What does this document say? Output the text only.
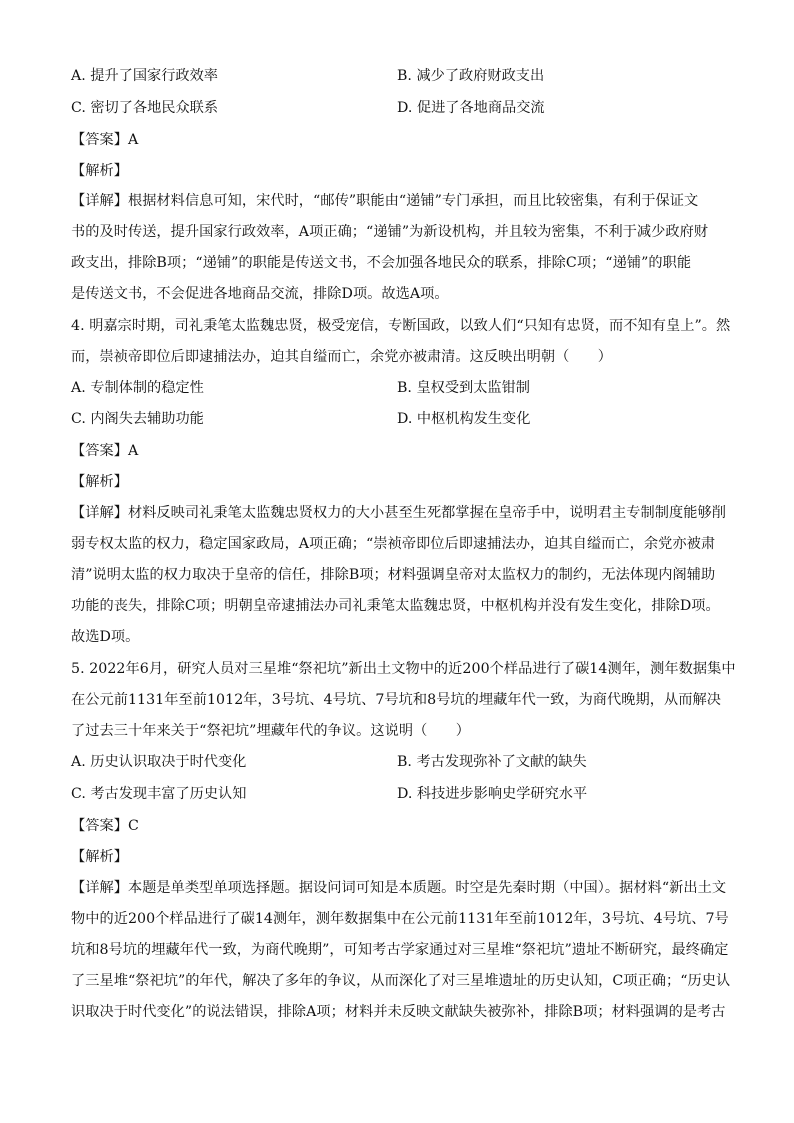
A. 提升了国家行政效率	B. 减少了政府财政支出
C. 密切了各地民众联系	D. 促进了各地商品交流
【答案】A
【解析】
【详解】根据材料信息可知，宋代时，“邮传”职能由“递铺”专门承担，而且比较密集，有利于保证文
书的及时传送，提升国家行政效率，A项正确；“递铺”为新设机构，并且较为密集，不利于减少政府财
政支出，排除B项；“递铺”的职能是传送文书，不会加强各地民众的联系，排除C项；“递铺”的职能
是传送文书，不会促进各地商品交流，排除D项。故选A项。
4. 明嘉宗时期，司礼秉笔太监魏忠贤，极受宠信，专断国政，以致人们“只知有忠贤，而不知有皇上”。然
而，崇祯帝即位后即逮捕法办，迫其自缢而亡，余党亦被肃清。这反映出明朝（　　）
A. 专制体制的稳定性	B. 皇权受到太监钳制
C. 内阁失去辅助功能	D. 中枢机构发生变化
【答案】A
【解析】
【详解】材料反映司礼秉笔太监魏忠贤权力的大小甚至生死都掌握在皇帝手中，说明君主专制制度能够削
弱专权太监的权力，稳定国家政局，A项正确；“崇祯帝即位后即逮捕法办，迫其自缢而亡，余党亦被肃
清”说明太监的权力取决于皇帝的信任，排除B项；材料强调皇帝对太监权力的制约，无法体现内阁辅助
功能的丧失，排除C项；明朝皇帝逮捕法办司礼秉笔太监魏忠贤，中枢机构并没有发生变化，排除D项。
故选D项。
5. 2022年6月，研究人员对三星堆“祭祀坑”新出土文物中的近200个样品进行了碳14测年，测年数据集中
在公元前1131年至前1012年，3号坑、4号坑、7号坑和8号坑的埋藏年代一致，为商代晚期，从而解决
了过去三十年来关于“祭祀坑”埋藏年代的争议。这说明（　　）
A. 历史认识取决于时代变化	B. 考古发现弥补了文献的缺失
C. 考古发现丰富了历史认知	D. 科技进步影响史学研究水平
【答案】C
【解析】
【详解】本题是单类型单项选择题。据设问词可知是本质题。时空是先秦时期（中国）。据材料“新出土文
物中的近200个样品进行了碳14测年，测年数据集中在公元前1131年至前1012年，3号坑、4号坑、7号
坑和8号坑的埋藏年代一致，为商代晚期”，可知考古学家通过对三星堆“祭祀坑”遗址不断研究，最终确定
了三星堆“祭祀坑”的年代，解决了多年的争议，从而深化了对三星堆遗址的历史认知，C项正确；“历史认
识取决于时代变化”的说法错误，排除A项；材料并未反映文献缺失被弥补，排除B项；材料强调的是考古
